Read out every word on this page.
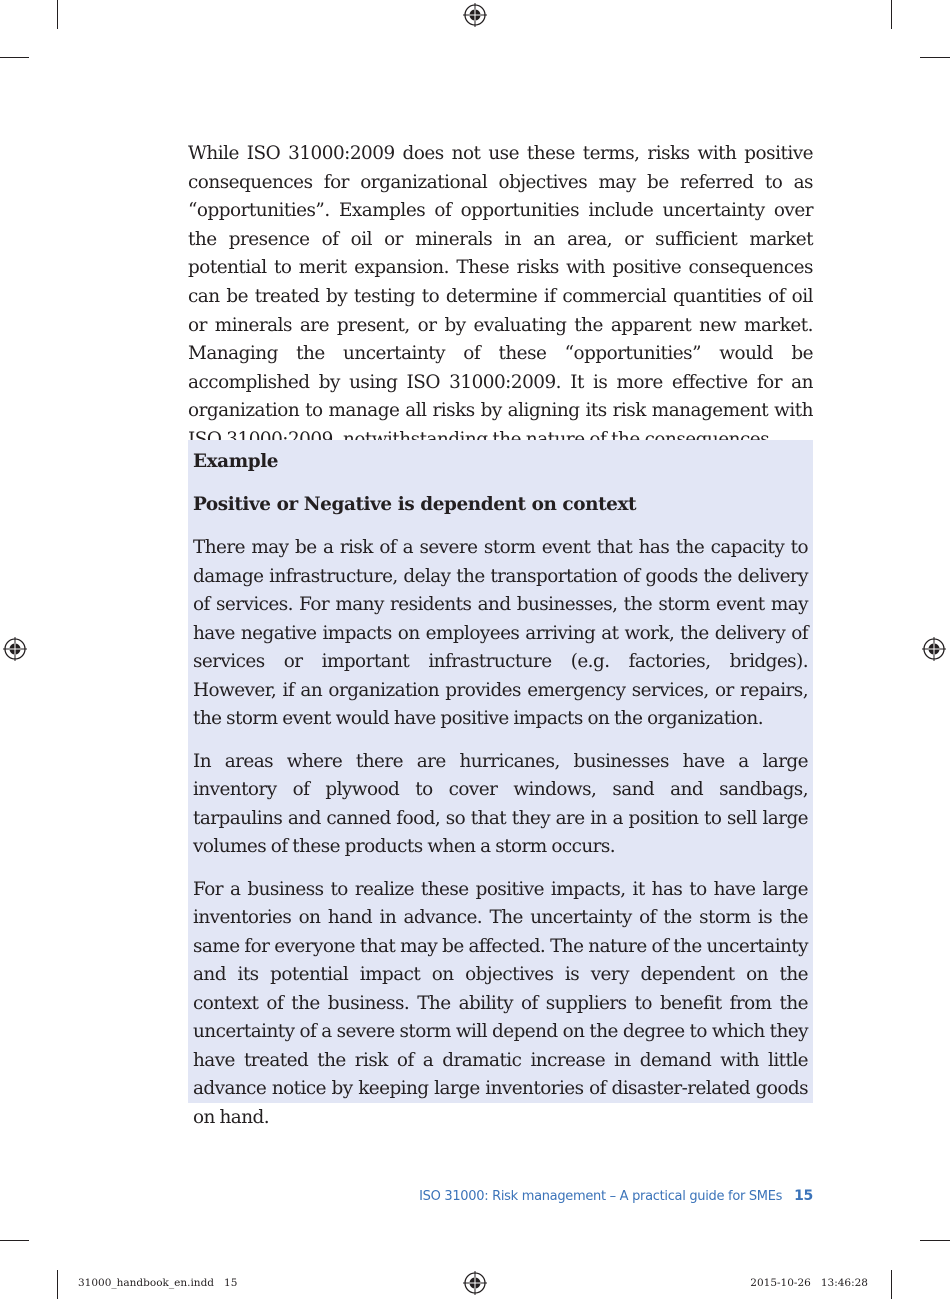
While ISO 31000:2009 does not use these terms, risks with positive consequences for organizational objectives may be referred to as “opportunities”. Examples of opportunities include uncertainty over the presence of oil or minerals in an area, or sufficient market potential to merit expansion. These risks with positive consequences can be treated by testing to determine if commercial quantities of oil or minerals are present, or by evaluating the apparent new market. Managing the uncertainty of these “opportunities” would be accomplished by using ISO 31000:2009. It is more effective for an organization to manage all risks by aligning its risk management with

Example
Positive or Negative is dependent on context

There may be a risk of a severe storm event that has the capacity to damage infrastructure, delay the transportation of goods the delivery of services. For many residents and businesses, the storm event may have negative impacts on employees arriving at work, the delivery of services or important infrastructure (e.g. factories, bridges). However, if an organization provides emergency services, or repairs, the storm event would have positive impacts on the organization.

In areas where there are hurricanes, businesses have a large inventory of plywood to cover windows, sand and sandbags, tarpaulins and canned food, so that they are in a position to sell large volumes of these products when a storm occurs.

For a business to realize these positive impacts, it has to have large inventories on hand in advance. The uncertainty of the storm is the same for everyone that may be affected. The nature of the uncertainty and its potential impact on objectives is very dependent on the context of the business. The ability of suppliers to benefit from the uncertainty of a severe storm will depend on the degree to which they have treated the risk of a dramatic increase in demand with little advance notice by keeping large inventories of disaster-related goods on hand.

ISO 31000: Risk management – A practical guide for SMEs 15
31000_handbook_en.indd   15	2015-10-26   13:46:28
